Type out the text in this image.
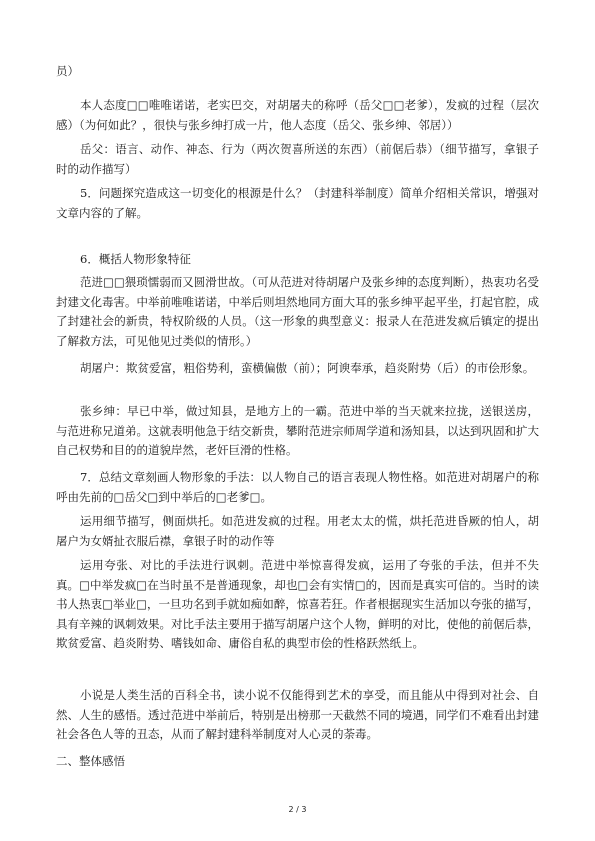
员）

本人态度□□唯唯诺诺，老实巴交，对胡屠夫的称呼（岳父□□老爹），发疯的过程（层次感）（为何如此？，很快与张乡绅打成一片，他人态度（岳父、张乡绅、邻居））

岳父：语言、动作、神态、行为（两次贺喜所送的东西）（前倨后恭）（细节描写，拿银子时的动作描写）

5．问题探究造成这一切变化的根源是什么？（封建科举制度）简单介绍相关常识，增强对文章内容的了解。

6．概括人物形象特征

范进□□猥琐懦弱而又圆滑世故。（可从范进对待胡屠户及张乡绅的态度判断），热衷功名受封建文化毒害。中举前唯唯诺诺，中举后则坦然地同方面大耳的张乡绅平起平坐，打起官腔，成了封建社会的新贵，特权阶级的人员。（这一形象的典型意义：报录人在范进发疯后镇定的提出了解救方法，可见他见过类似的情形。）

胡屠户：欺贫爱富，粗俗势利，蛮横偏傲（前）；阿谀奉承，趋炎附势（后）的市侩形象。

张乡绅：早已中举，做过知县，是地方上的一霸。范进中举的当天就来拉拢，送银送房，与范进称兄道弟。这就表明他急于结交新贵，攀附范进宗师周学道和汤知县，以达到巩固和扩大自己权势和目的的道貌岸然，老奸巨滑的性格。

7．总结文章刻画人物形象的手法：以人物自己的语言表现人物性格。如范进对胡屠户的称呼由先前的□岳父□到中举后的□老爹□。

运用细节描写，侧面烘托。如范进发疯的过程。用老太太的慌，烘托范进昏厥的怕人，胡屠户为女婿扯衣服后襟，拿银子时的动作等

运用夸张、对比的手法进行讽刺。范进中举惊喜得发疯，运用了夸张的手法，但并不失真。□中举发疯□在当时虽不是普通现象，却也□会有实情□的，因而是真实可信的。当时的读书人热衷□举业□，一旦功名到手就如痴如醉，惊喜若狂。作者根据现实生活加以夸张的描写，具有辛辣的讽刺效果。对比手法主要用于描写胡屠户这个人物，鲜明的对比，使他的前倨后恭，欺贫爱富、趋炎附势、嗜钱如命、庸俗自私的典型市侩的性格跃然纸上。

小说是人类生活的百科全书，读小说不仅能得到艺术的享受，而且能从中得到对社会、自然、人生的感悟。透过范进中举前后，特别是出榜那一天截然不同的境遇，同学们不难看出封建社会各色人等的丑态，从而了解封建科举制度对人心灵的荼毒。

二、整体感悟

2 / 3
